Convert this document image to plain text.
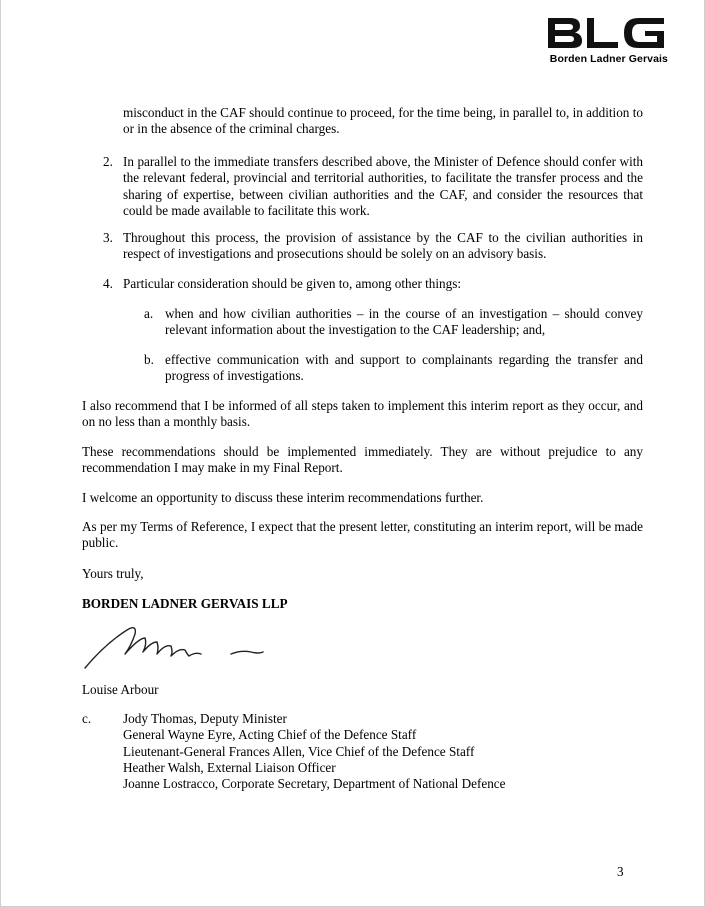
Borden Ladner Gervais
misconduct in the CAF should continue to proceed, for the time being, in parallel to, in addition to or in the absence of the criminal charges.
2. In parallel to the immediate transfers described above, the Minister of Defence should confer with the relevant federal, provincial and territorial authorities, to facilitate the transfer process and the sharing of expertise, between civilian authorities and the CAF, and consider the resources that could be made available to facilitate this work.
3. Throughout this process, the provision of assistance by the CAF to the civilian authorities in respect of investigations and prosecutions should be solely on an advisory basis.
4. Particular consideration should be given to, among other things:
a. when and how civilian authorities – in the course of an investigation – should convey relevant information about the investigation to the CAF leadership; and,
b. effective communication with and support to complainants regarding the transfer and progress of investigations.
I also recommend that I be informed of all steps taken to implement this interim report as they occur, and on no less than a monthly basis.
These recommendations should be implemented immediately. They are without prejudice to any recommendation I may make in my Final Report.
I welcome an opportunity to discuss these interim recommendations further.
As per my Terms of Reference, I expect that the present letter, constituting an interim report, will be made public.
Yours truly,
BORDEN LADNER GERVAIS LLP
Louise Arbour
c. Jody Thomas, Deputy Minister
General Wayne Eyre, Acting Chief of the Defence Staff
Lieutenant-General Frances Allen, Vice Chief of the Defence Staff
Heather Walsh, External Liaison Officer
Joanne Lostracco, Corporate Secretary, Department of National Defence
3
